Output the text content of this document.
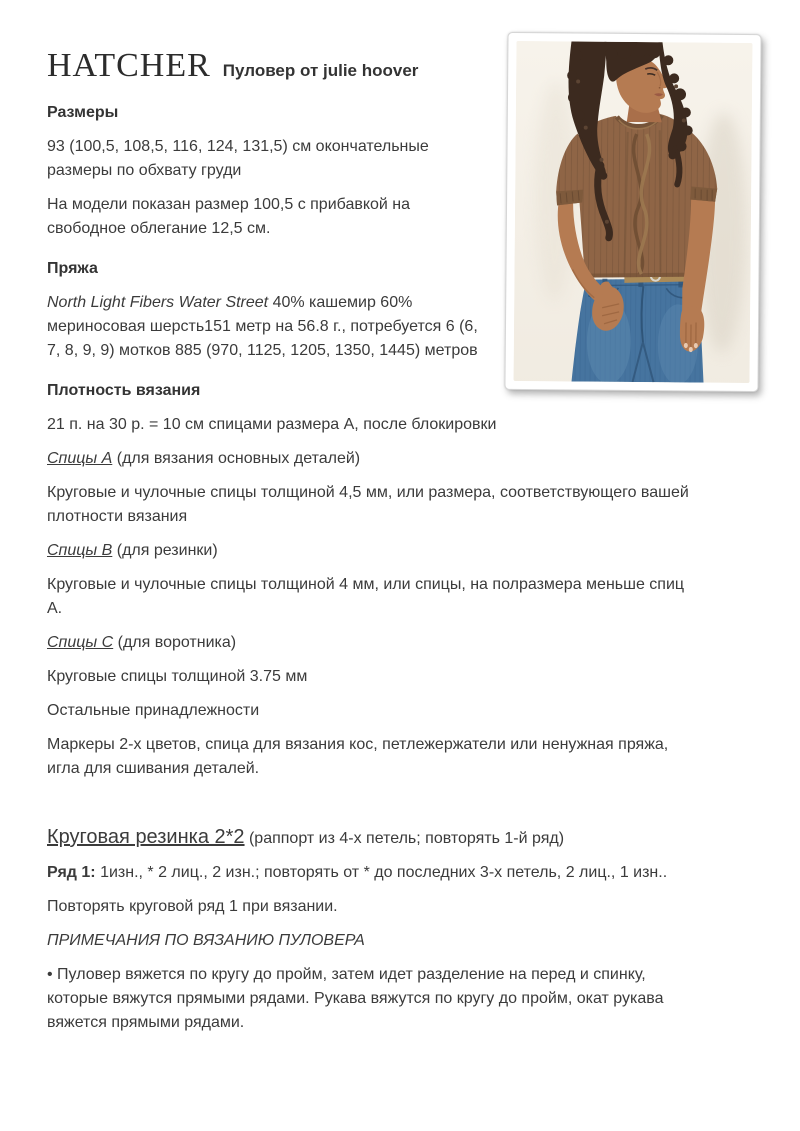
HATCHER Пуловер от julie hoover

Размеры

93 (100,5, 108,5, 116, 124, 131,5) см окончательные размеры по обхвату груди

На модели показан размер 100,5 с прибавкой на свободное облегание 12,5 см.

Пряжа

North Light Fibers Water Street 40% кашемир 60% мериносовая шерсть151 метр на 56.8 г., потребуется 6 (6, 7, 8, 9, 9) мотков 885 (970, 1125, 1205, 1350, 1445) метров

Плотность вязания

21 п. на 30 р. = 10 см спицами размера А, после блокировки

Спицы А (для вязания основных деталей)

Круговые и чулочные спицы толщиной 4,5 мм, или размера, соответствующего вашей плотности вязания

Спицы В (для резинки)

Круговые и чулочные спицы толщиной 4 мм, или спицы, на полразмера меньше спиц А.

Спицы С (для воротника)

Круговые спицы толщиной 3.75 мм

Остальные принадлежности

Маркеры 2-х цветов, спица для вязания кос, петлежержатели или ненужная пряжа, игла для сшивания деталей.

Круговая резинка 2*2 (раппорт из 4-х петель; повторять 1-й ряд)

Ряд 1: 1изн., * 2 лиц., 2 изн.; повторять от * до последних 3-х петель, 2 лиц., 1 изн..

Повторять круговой ряд 1 при вязании.

ПРИМЕЧАНИЯ ПО ВЯЗАНИЮ ПУЛОВЕРА

• Пуловер вяжется по кругу до пройм, затем идет разделение на перед и спинку, которые вяжутся прямыми рядами. Рукава вяжутся по кругу до пройм, окат рукава вяжется прямыми рядами.
